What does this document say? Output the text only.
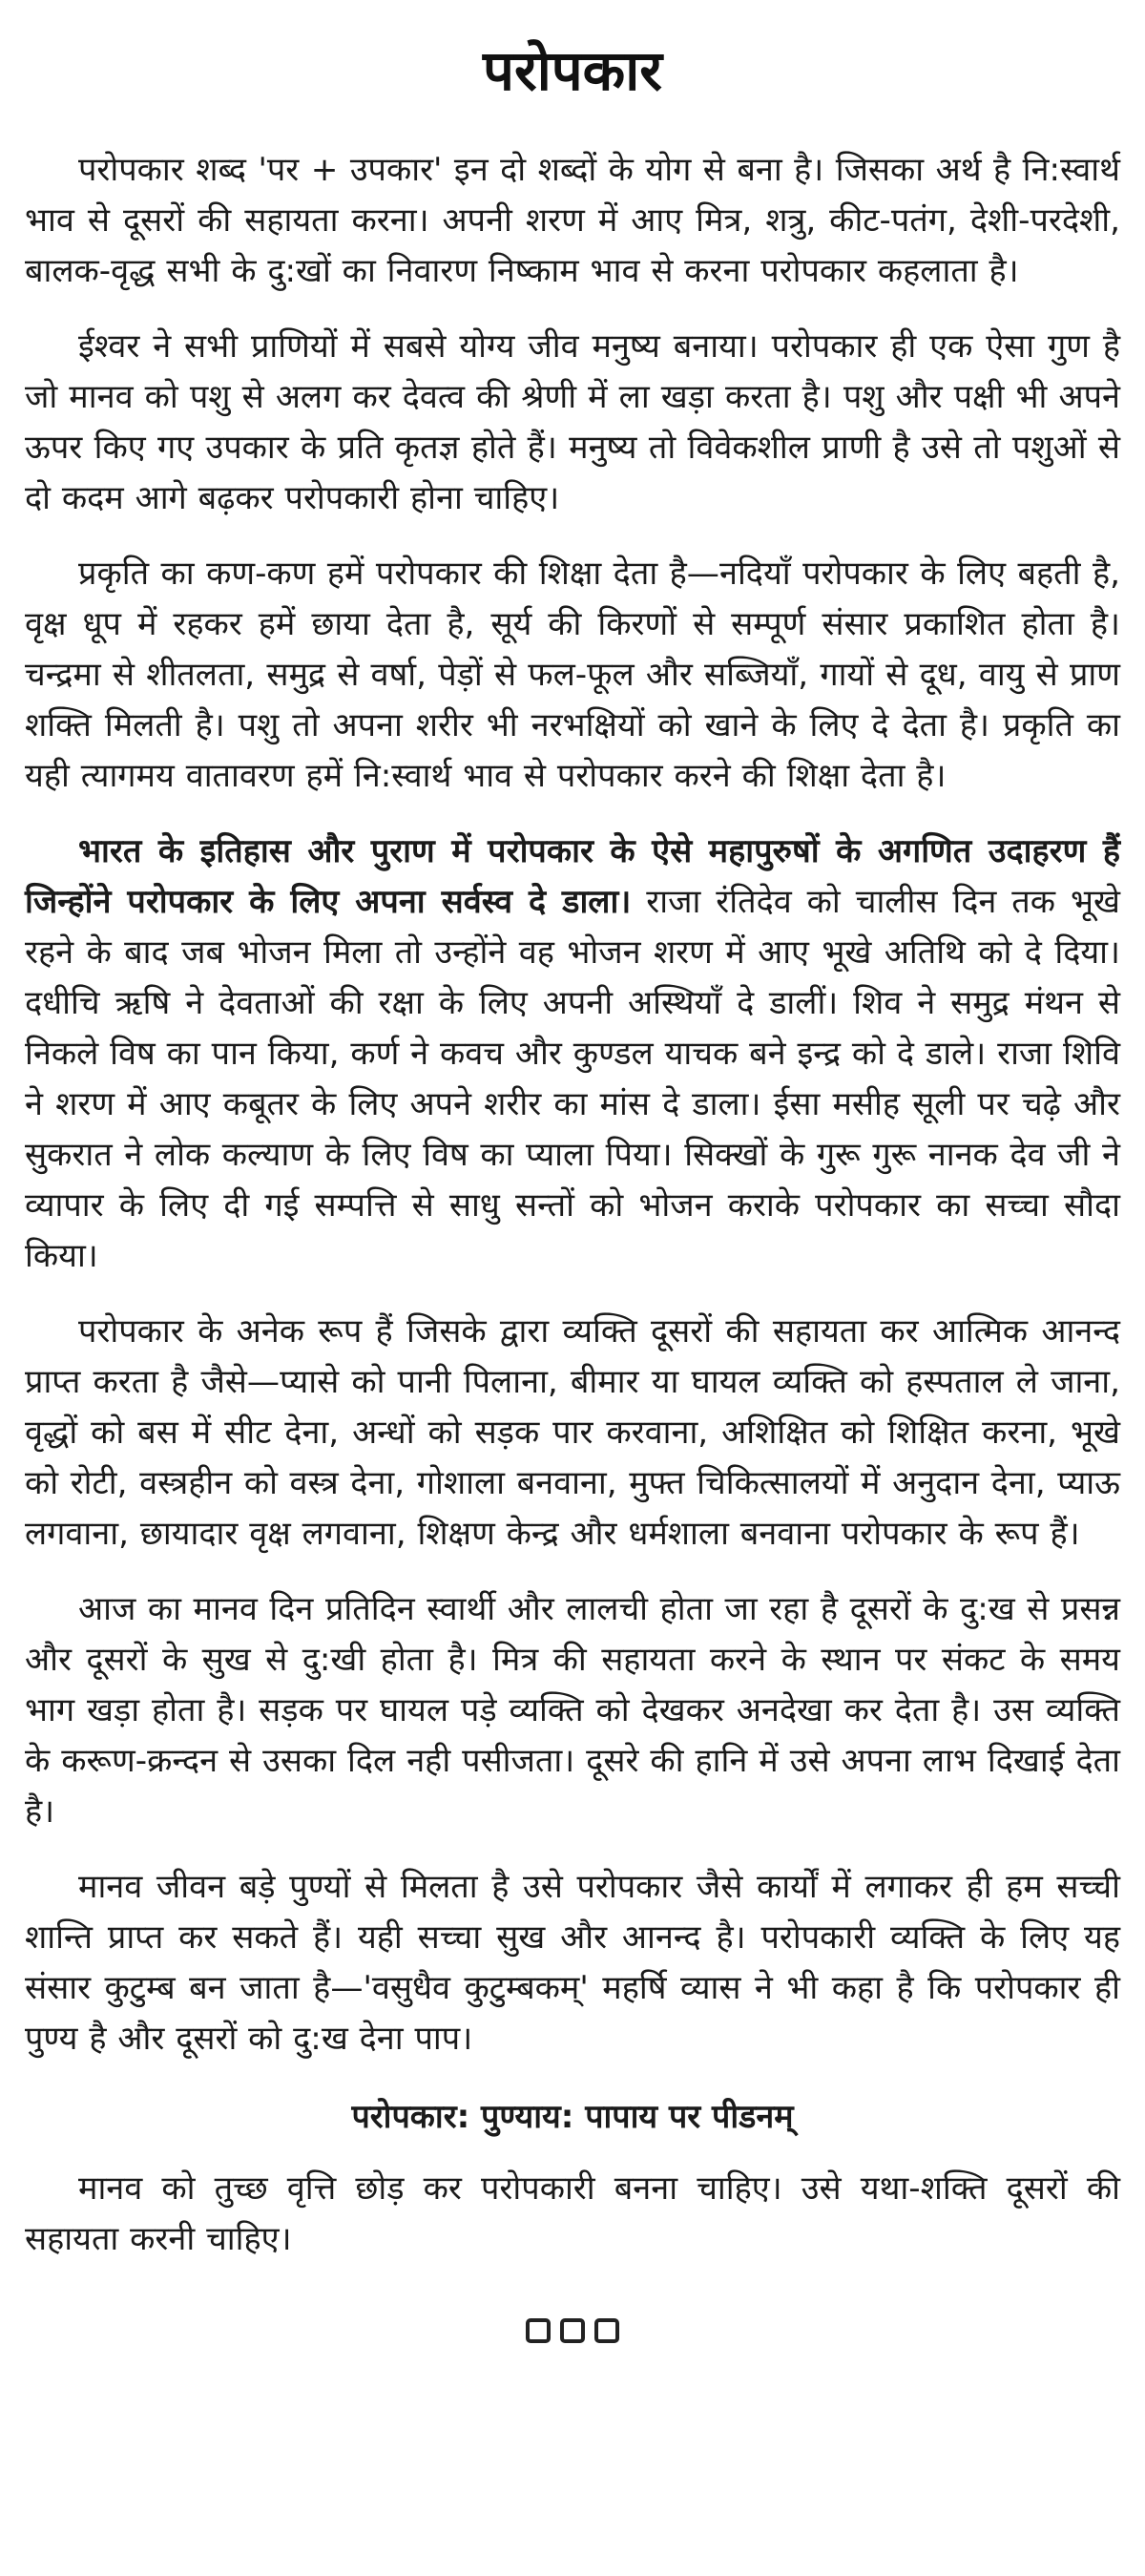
परोपकार

परोपकार शब्द 'पर + उपकार' इन दो शब्दों के योग से बना है। जिसका अर्थ है नि:स्वार्थ भाव से दूसरों की सहायता करना। अपनी शरण में आए मित्र, शत्रु, कीट-पतंग, देशी-परदेशी, बालक-वृद्ध सभी के दु:खों का निवारण निष्काम भाव से करना परोपकार कहलाता है।

ईश्वर ने सभी प्राणियों में सबसे योग्य जीव मनुष्य बनाया। परोपकार ही एक ऐसा गुण है जो मानव को पशु से अलग कर देवत्व की श्रेणी में ला खड़ा करता है। पशु और पक्षी भी अपने ऊपर किए गए उपकार के प्रति कृतज्ञ होते हैं। मनुष्य तो विवेकशील प्राणी है उसे तो पशुओं से दो कदम आगे बढ़कर परोपकारी होना चाहिए।

प्रकृति का कण-कण हमें परोपकार की शिक्षा देता है—नदियाँ परोपकार के लिए बहती है, वृक्ष धूप में रहकर हमें छाया देता है, सूर्य की किरणों से सम्पूर्ण संसार प्रकाशित होता है। चन्द्रमा से शीतलता, समुद्र से वर्षा, पेड़ों से फल-फूल और सब्जियाँ, गायों से दूध, वायु से प्राण शक्ति मिलती है। पशु तो अपना शरीर भी नरभक्षियों को खाने के लिए दे देता है। प्रकृति का यही त्यागमय वातावरण हमें नि:स्वार्थ भाव से परोपकार करने की शिक्षा देता है।

भारत के इतिहास और पुराण में परोपकार के ऐसे महापुरुषों के अगणित उदाहरण हैं जिन्होंने परोपकार के लिए अपना सर्वस्व दे डाला। राजा रंतिदेव को चालीस दिन तक भूखे रहने के बाद जब भोजन मिला तो उन्होंने वह भोजन शरण में आए भूखे अतिथि को दे दिया। दधीचि ऋषि ने देवताओं की रक्षा के लिए अपनी अस्थियाँ दे डालीं। शिव ने समुद्र मंथन से निकले विष का पान किया, कर्ण ने कवच और कुण्डल याचक बने इन्द्र को दे डाले। राजा शिवि ने शरण में आए कबूतर के लिए अपने शरीर का मांस दे डाला। ईसा मसीह सूली पर चढ़े और सुकरात ने लोक कल्याण के लिए विष का प्याला पिया। सिक्खों के गुरू गुरू नानक देव जी ने व्यापार के लिए दी गई सम्पत्ति से साधु सन्तों को भोजन कराके परोपकार का सच्चा सौदा किया।

परोपकार के अनेक रूप हैं जिसके द्वारा व्यक्ति दूसरों की सहायता कर आत्मिक आनन्द प्राप्त करता है जैसे—प्यासे को पानी पिलाना, बीमार या घायल व्यक्ति को हस्पताल ले जाना, वृद्धों को बस में सीट देना, अन्धों को सड़क पार करवाना, अशिक्षित को शिक्षित करना, भूखे को रोटी, वस्त्रहीन को वस्त्र देना, गोशाला बनवाना, मुफ्त चिकित्सालयों में अनुदान देना, प्याऊ लगवाना, छायादार वृक्ष लगवाना, शिक्षण केन्द्र और धर्मशाला बनवाना परोपकार के रूप हैं।

आज का मानव दिन प्रतिदिन स्वार्थी और लालची होता जा रहा है दूसरों के दु:ख से प्रसन्न और दूसरों के सुख से दु:खी होता है। मित्र की सहायता करने के स्थान पर संकट के समय भाग खड़ा होता है। सड़क पर घायल पड़े व्यक्ति को देखकर अनदेखा कर देता है। उस व्यक्ति के करूण-क्रन्दन से उसका दिल नही पसीजता। दूसरे की हानि में उसे अपना लाभ दिखाई देता है।

मानव जीवन बड़े पुण्यों से मिलता है उसे परोपकार जैसे कार्यों में लगाकर ही हम सच्ची शान्ति प्राप्त कर सकते हैं। यही सच्चा सुख और आनन्द है। परोपकारी व्यक्ति के लिए यह संसार कुटुम्ब बन जाता है—'वसुधैव कुटुम्बकम्' महर्षि व्यास ने भी कहा है कि परोपकार ही पुण्य है और दूसरों को दु:ख देना पाप।

परोपकार: पुण्याय: पापाय पर पीडनम्

मानव को तुच्छ वृत्ति छोड़ कर परोपकारी बनना चाहिए। उसे यथा-शक्ति दूसरों की सहायता करनी चाहिए।
